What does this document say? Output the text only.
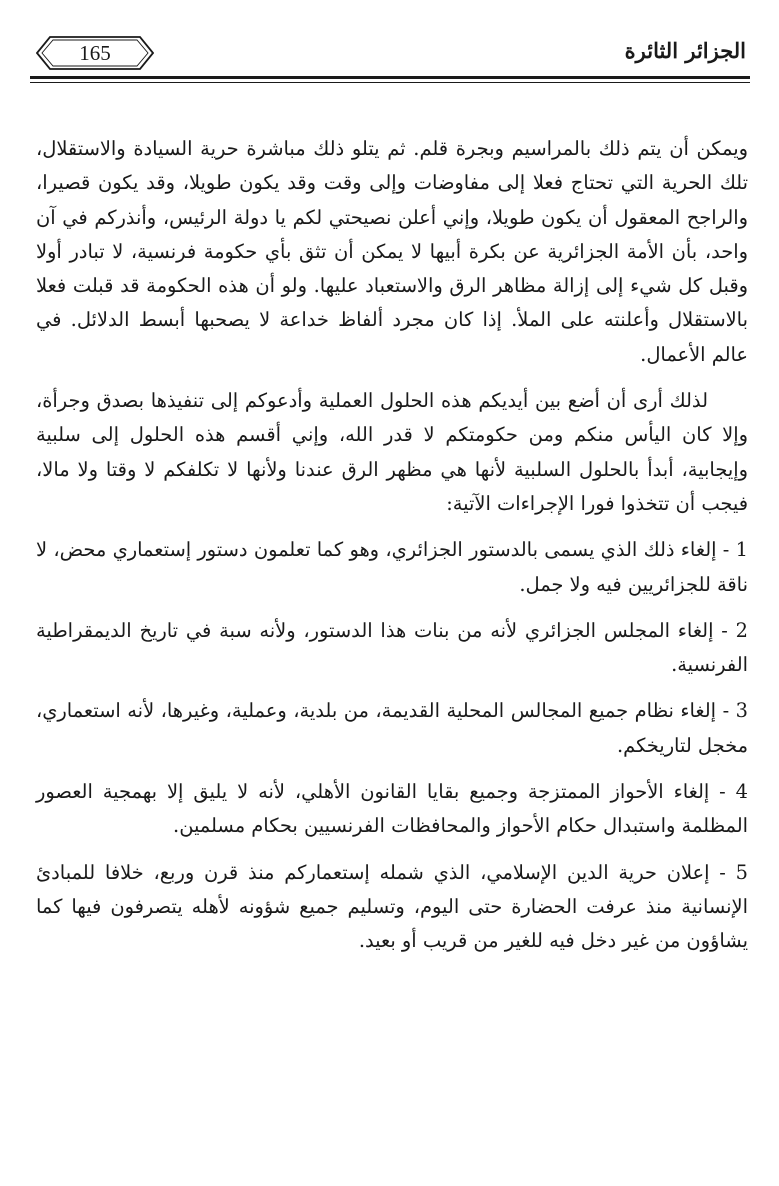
165	الجزائر الثائرة

ويمكن أن يتم ذلك بالمراسيم وبجرة قلم. ثم يتلو ذلك مباشرة حرية السيادة والاستقلال، تلك الحرية التي تحتاج فعلا إلى مفاوضات وإلى وقت وقد يكون طويلا، وقد يكون قصيرا، والراجح المعقول أن يكون طويلا، وإني أعلن نصيحتي لكم يا دولة الرئيس، وأنذركم في آن واحد، بأن الأمة الجزائرية عن بكرة أبيها لا يمكن أن تثق بأي حكومة فرنسية، لا تبادر أولا وقبل كل شيء إلى إزالة مظاهر الرق والاستعباد عليها. ولو أن هذه الحكومة قد قبلت فعلا بالاستقلال وأعلنته على الملأ. إذا كان مجرد ألفاظ خداعة لا يصحبها أبسط الدلائل. في عالم الأعمال.

لذلك أرى أن أضع بين أيديكم هذه الحلول العملية وأدعوكم إلى تنفيذها بصدق وجرأة، وإلا كان اليأس منكم ومن حكومتكم لا قدر الله، وإني أقسم هذه الحلول إلى سلبية وإيجابية، أبدأ بالحلول السلبية لأنها هي مظهر الرق عندنا ولأنها لا تكلفكم لا وقتا ولا مالا، فيجب أن تتخذوا فورا الإجراءات الآتية:

1 - إلغاء ذلك الذي يسمى بالدستور الجزائري، وهو كما تعلمون دستور إستعماري محض، لا ناقة للجزائريين فيه ولا جمل.

2 - إلغاء المجلس الجزائري لأنه من بنات هذا الدستور، ولأنه سبة في تاريخ الديمقراطية الفرنسية.

3 - إلغاء نظام جميع المجالس المحلية القديمة، من بلدية، وعملية، وغيرها، لأنه استعماري، مخجل لتاريخكم.

4 - إلغاء الأحواز الممتزجة وجميع بقايا القانون الأهلي، لأنه لا يليق إلا بهمجية العصور المظلمة واستبدال حكام الأحواز والمحافظات الفرنسيين بحكام مسلمين.

5 - إعلان حرية الدين الإسلامي، الذي شمله إستعماركم منذ قرن وربع، خلافا للمبادئ الإنسانية منذ عرفت الحضارة حتى اليوم، وتسليم جميع شؤونه لأهله يتصرفون فيها كما يشاؤون من غير دخل فيه للغير من قريب أو بعيد.
